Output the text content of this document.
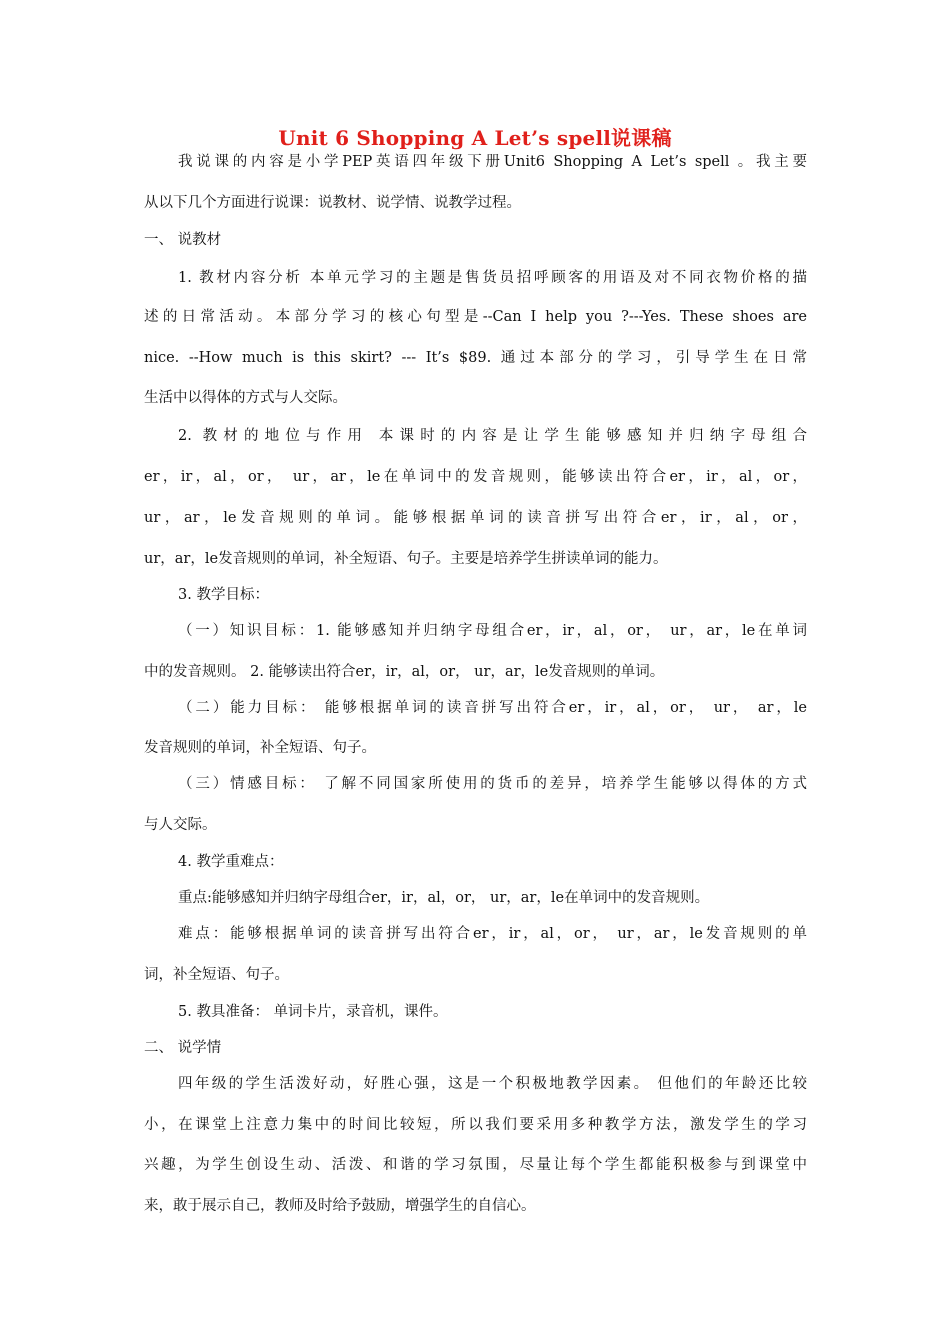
Unit 6 Shopping A Let’s spell说课稿
我说课的内容是小学PEP英语四年级下册Unit6 Shopping A Let’s spell 。我主要
从以下几个方面进行说课：说教材、说学情、说教学过程。
一、 说教材
1. 教材内容分析 本单元学习的主题是售货员招呼顾客的用语及对不同衣物价格的描
述的日常活动。本部分学习的核心句型是--Can I help you ?---Yes. These shoes are
nice. --How much is this skirt? --- It’s $89. 通过本部分的学习，引导学生在日常
生活中以得体的方式与人交际。
2. 教材的地位与作用 本课时的内容是让学生能够感知并归纳字母组合
er，ir，al，or， ur，ar，le在单词中的发音规则，能够读出符合er，ir，al，or，
ur，ar，le发音规则的单词。能够根据单词的读音拼写出符合er，ir，al，or，
ur，ar，le发音规则的单词，补全短语、句子。主要是培养学生拼读单词的能力。
3. 教学目标：
（一）知识目标：1. 能够感知并归纳字母组合er，ir，al，or， ur，ar，le在单词
中的发音规则。 2. 能够读出符合er，ir，al，or， ur，ar，le发音规则的单词。
（二）能力目标： 能够根据单词的读音拼写出符合er，ir，al，or， ur， ar，le
发音规则的单词，补全短语、句子。
（三）情感目标： 了解不同国家所使用的货币的差异，培养学生能够以得体的方式
与人交际。
4. 教学重难点：
重点:能够感知并归纳字母组合er，ir，al，or， ur，ar，le在单词中的发音规则。
难点：能够根据单词的读音拼写出符合er，ir，al，or， ur，ar，le发音规则的单
词，补全短语、句子。
5. 教具准备： 单词卡片，录音机，课件。
二、 说学情
四年级的学生活泼好动，好胜心强，这是一个积极地教学因素。 但他们的年龄还比较
小，在课堂上注意力集中的时间比较短，所以我们要采用多种教学方法，激发学生的学习
兴趣，为学生创设生动、活泼、和谐的学习氛围，尽量让每个学生都能积极参与到课堂中
来，敢于展示自己，教师及时给予鼓励，增强学生的自信心。
